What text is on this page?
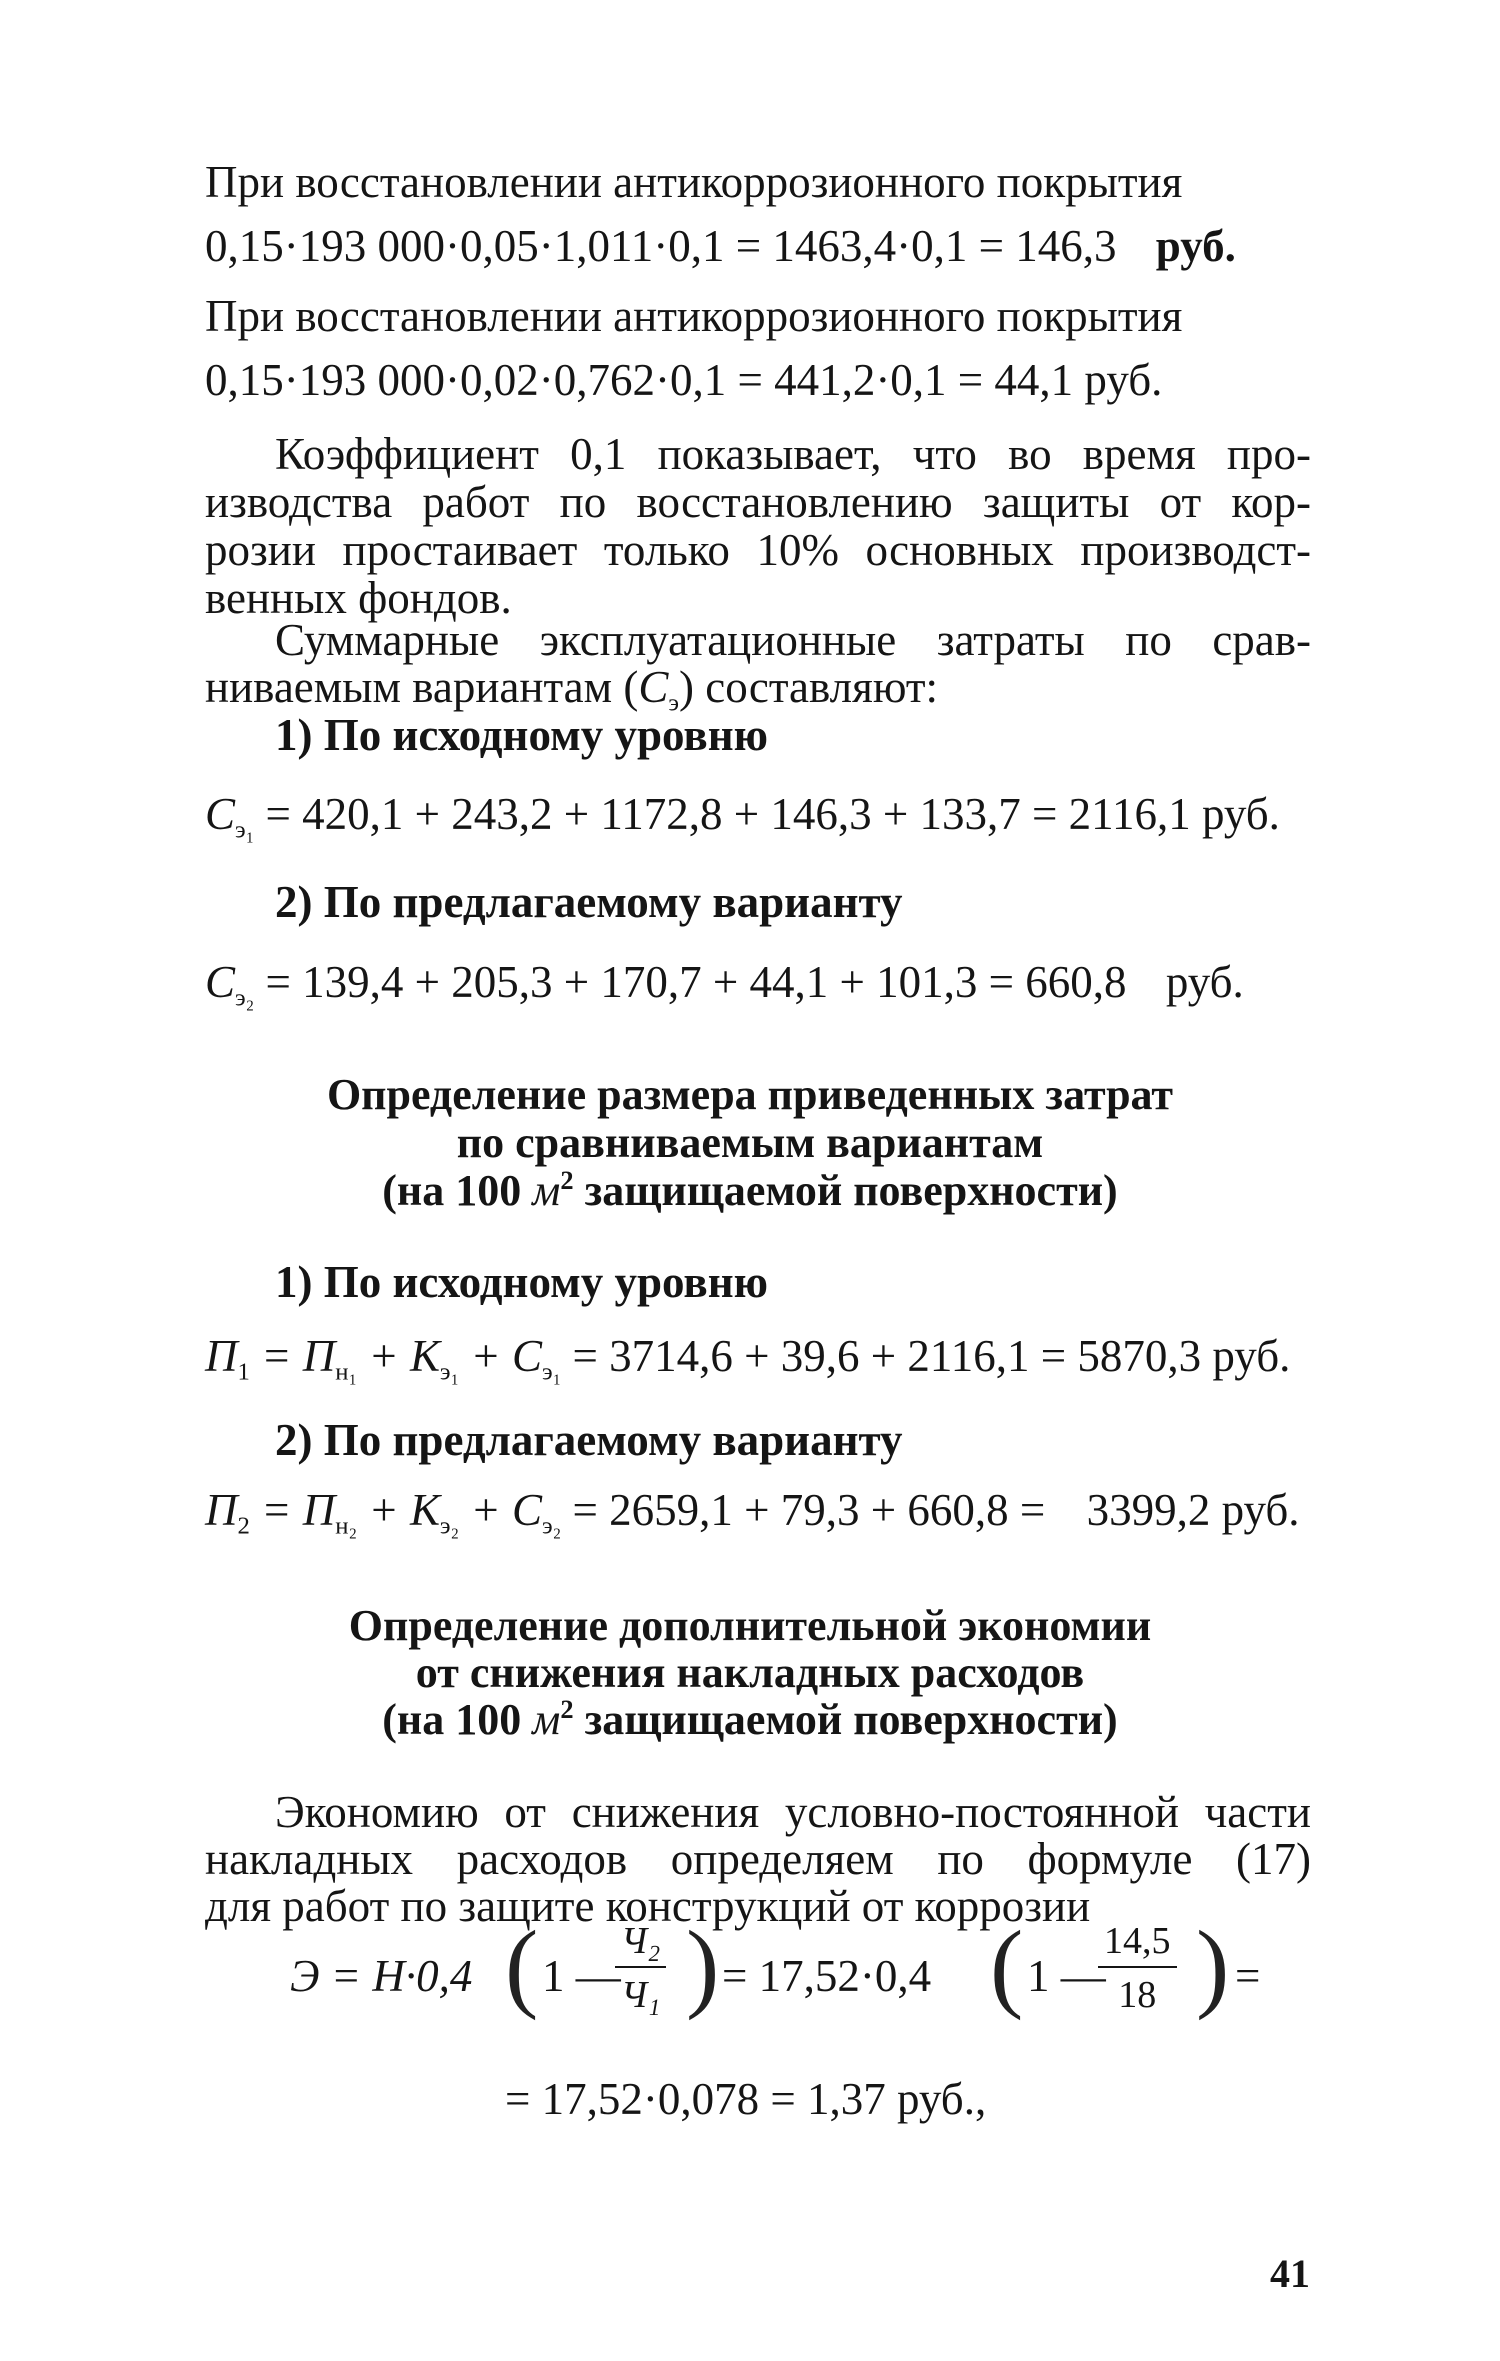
При восстановлении антикоррозионного покрытия
0,15·193 000·0,05·1,011·0,1 = 1463,4·0,1 = 146,3 руб.
При восстановлении антикоррозионного покрытия
0,15·193 000·0,02·0,762·0,1 = 441,2·0,1 = 44,1 руб.
Коэффициент 0,1 показывает, что во время про-
изводства работ по восстановлению защиты от кор-
розии простаивает только 10% основных производст-
венных фондов.
Суммарные эксплуатационные затраты по срав-
ниваемым вариантам $(С_э)$ составляют:
1) По исходному уровню
$С_{э_1} = 420,1 + 243,2 + 1172,8 + 146,3 + 133,7 = 2116,1$ руб.
2) По предлагаемому варианту
$С_{э_2} = 139,4 + 205,3 + 170,7 + 44,1 + 101,3 = 660,8$ руб.
Определение размера приведенных затрат
по сравниваемым вариантам
(на 100 $м^2$ защищаемой поверхности)
1) По исходному уровню
$П_1 = П_{н_1} + К_{э_1} + С_{э_1} = 3714,6 + 39,6 + 2116,1 = 5870,3$ руб.
2) По предлагаемому варианту
$П_2 = П_{н_2} + К_{э_2} + С_{э_2} = 2659,1 + 79,3 + 660,8 = 3399,2$ руб.
Определение дополнительной экономии
от снижения накладных расходов
(на 100 $м^2$ защищаемой поверхности)
Экономию от снижения условно-постоянной части
накладных расходов определяем по формуле (17)
для работ по защите конструкций от коррозии
Э = Н·0,4 ( 1 —
Ч₂
Ч₁ ) = 17,52·0,4 ( 1 —
$\frac{14,5}{18}$ ) =
= 17,52·0,078 = 1,37 руб.,
41
